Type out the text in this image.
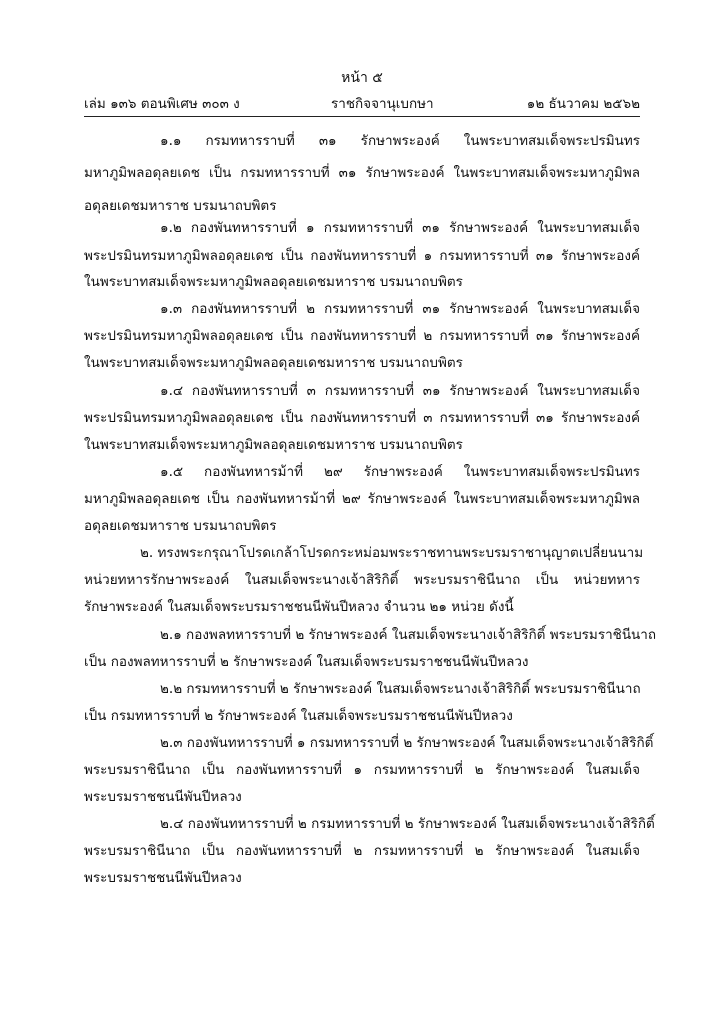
หน้า ๕
เล่ม ๑๓๖ ตอนพิเศษ ๓๐๓ ง	ราชกิจจานุเบกษา	๑๒ ธันวาคม ๒๕๖๒
๑.๑ กรมทหารราบที่ ๓๑ รักษาพระองค์ ในพระบาทสมเด็จพระปรมินทร
มหาภูมิพลอดุลยเดช เป็น กรมทหารราบที่ ๓๑ รักษาพระองค์ ในพระบาทสมเด็จพระมหาภูมิพล
อดุลยเดชมหาราช บรมนาถบพิตร
๑.๒ กองพันทหารราบที่ ๑ กรมทหารราบที่ ๓๑ รักษาพระองค์ ในพระบาทสมเด็จ
พระปรมินทรมหาภูมิพลอดุลยเดช เป็น กองพันทหารราบที่ ๑ กรมทหารราบที่ ๓๑ รักษาพระองค์
ในพระบาทสมเด็จพระมหาภูมิพลอดุลยเดชมหาราช บรมนาถบพิตร
๑.๓ กองพันทหารราบที่ ๒ กรมทหารราบที่ ๓๑ รักษาพระองค์ ในพระบาทสมเด็จ
พระปรมินทรมหาภูมิพลอดุลยเดช เป็น กองพันทหารราบที่ ๒ กรมทหารราบที่ ๓๑ รักษาพระองค์
ในพระบาทสมเด็จพระมหาภูมิพลอดุลยเดชมหาราช บรมนาถบพิตร
๑.๔ กองพันทหารราบที่ ๓ กรมทหารราบที่ ๓๑ รักษาพระองค์ ในพระบาทสมเด็จ
พระปรมินทรมหาภูมิพลอดุลยเดช เป็น กองพันทหารราบที่ ๓ กรมทหารราบที่ ๓๑ รักษาพระองค์
ในพระบาทสมเด็จพระมหาภูมิพลอดุลยเดชมหาราช บรมนาถบพิตร
๑.๕ กองพันทหารม้าที่ ๒๙ รักษาพระองค์ ในพระบาทสมเด็จพระปรมินทร
มหาภูมิพลอดุลยเดช เป็น กองพันทหารม้าที่ ๒๙ รักษาพระองค์ ในพระบาทสมเด็จพระมหาภูมิพล
อดุลยเดชมหาราช บรมนาถบพิตร
๒. ทรงพระกรุณาโปรดเกล้าโปรดกระหม่อมพระราชทานพระบรมราชานุญาตเปลี่ยนนาม
หน่วยทหารรักษาพระองค์ ในสมเด็จพระนางเจ้าสิริกิติ์ พระบรมราชินีนาถ เป็น หน่วยทหาร
รักษาพระองค์ ในสมเด็จพระบรมราชชนนีพันปีหลวง จำนวน ๒๑ หน่วย ดังนี้
๒.๑ กองพลทหารราบที่ ๒ รักษาพระองค์ ในสมเด็จพระนางเจ้าสิริกิติ์ พระบรมราชินีนาถ
เป็น กองพลทหารราบที่ ๒ รักษาพระองค์ ในสมเด็จพระบรมราชชนนีพันปีหลวง
๒.๒ กรมทหารราบที่ ๒ รักษาพระองค์ ในสมเด็จพระนางเจ้าสิริกิติ์ พระบรมราชินีนาถ
เป็น กรมทหารราบที่ ๒ รักษาพระองค์ ในสมเด็จพระบรมราชชนนีพันปีหลวง
๒.๓ กองพันทหารราบที่ ๑ กรมทหารราบที่ ๒ รักษาพระองค์ ในสมเด็จพระนางเจ้าสิริกิติ์
พระบรมราชินีนาถ เป็น กองพันทหารราบที่ ๑ กรมทหารราบที่ ๒ รักษาพระองค์ ในสมเด็จ
พระบรมราชชนนีพันปีหลวง
๒.๔ กองพันทหารราบที่ ๒ กรมทหารราบที่ ๒ รักษาพระองค์ ในสมเด็จพระนางเจ้าสิริกิติ์
พระบรมราชินีนาถ เป็น กองพันทหารราบที่ ๒ กรมทหารราบที่ ๒ รักษาพระองค์ ในสมเด็จ
พระบรมราชชนนีพันปีหลวง
